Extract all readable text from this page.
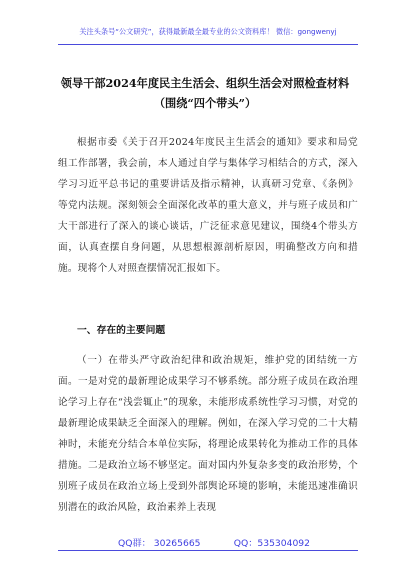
关注头条号“公文研究”，获得最新最全最专业的公文资料库！ 微信：gongwenyj
领导干部2024年度民主生活会、组织生活会对照检查材料
（围绕“四个带头”）
根据市委《关于召开2024年度民主生活会的通知》要求和局党组工作部署，我会前，本人通过自学与集体学习相结合的方式，深入学习习近平总书记的重要讲话及指示精神，认真研习党章、《条例》等党内法规。深刻领会全面深化改革的重大意义，并与班子成员和广大干部进行了深入的谈心谈话，广泛征求意见建议，围绕4个带头方面，认真查摆自身问题，从思想根源剖析原因，明确整改方向和措施。现将个人对照查摆情况汇报如下。
一、存在的主要问题
（一）在带头严守政治纪律和政治规矩，维护党的团结统一方面。一是对党的最新理论成果学习不够系统。部分班子成员在政治理论学习上存在“浅尝辄止”的现象，未能形成系统性学习习惯，对党的最新理论成果缺乏全面深入的理解。例如，在深入学习党的二十大精神时，未能充分结合本单位实际，将理论成果转化为推动工作的具体措施。二是政治立场不够坚定。面对国内外复杂多变的政治形势，个别班子成员在政治立场上受到外部舆论环境的影响，未能迅速准确识别潜在的政治风险，政治素养上表现
QQ群： 30265665	QQ：535304092
